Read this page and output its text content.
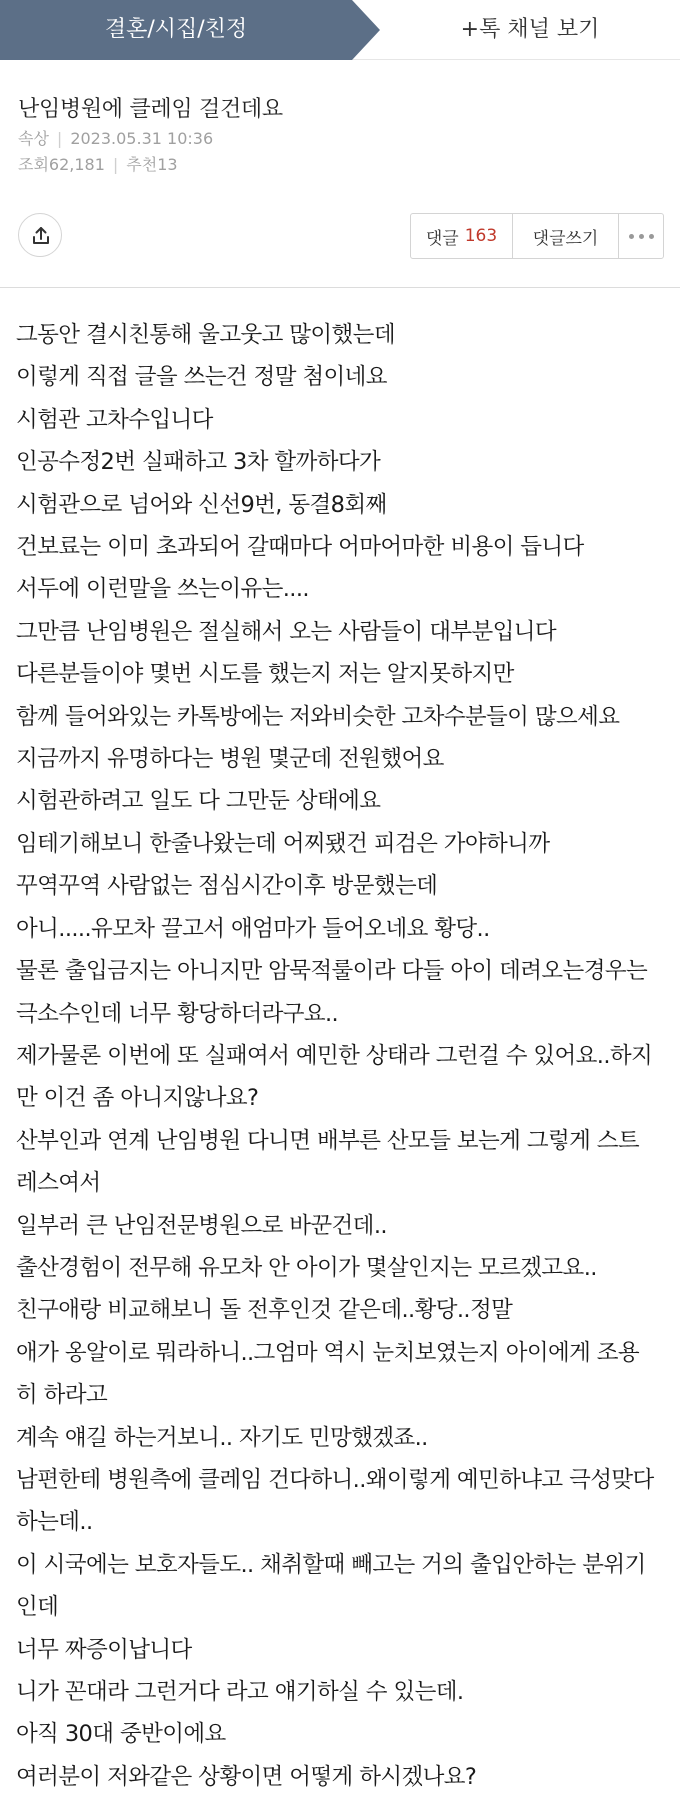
결혼/시집/친정	+톡 채널 보기
난임병원에 클레임 걸건데요
속상 | 2023.05.31 10:36
조회62,181 | 추천13
댓글 163	댓글쓰기
그동안 결시친통해 울고웃고 많이했는데
이렇게 직접 글을 쓰는건 정말 첨이네요
시험관 고차수입니다
인공수정2번 실패하고 3차 할까하다가
시험관으로 넘어와 신선9번, 동결8회째
건보료는 이미 초과되어 갈때마다 어마어마한 비용이 듭니다
서두에 이런말을 쓰는이유는....
그만큼 난임병원은 절실해서 오는 사람들이 대부분입니다
다른분들이야 몇번 시도를 했는지 저는 알지못하지만
함께 들어와있는 카톡방에는 저와비슷한 고차수분들이 많으세요
지금까지 유명하다는 병원 몇군데 전원했어요
시험관하려고 일도 다 그만둔 상태에요
임테기해보니 한줄나왔는데 어찌됐건 피검은 가야하니까
꾸역꾸역 사람없는 점심시간이후 방문했는데
아니.....유모차 끌고서 애엄마가 들어오네요 황당..
물론 출입금지는 아니지만 암묵적룰이라 다들 아이 데려오는경우는
극소수인데 너무 황당하더라구요..
제가물론 이번에 또 실패여서 예민한 상태라 그런걸 수 있어요..하지
만 이건 좀 아니지않나요?
산부인과 연계 난임병원 다니면 배부른 산모들 보는게 그렇게 스트
레스여서
일부러 큰 난임전문병원으로 바꾼건데..
출산경험이 전무해 유모차 안 아이가 몇살인지는 모르겠고요..
친구애랑 비교해보니 돌 전후인것 같은데..황당..정말
애가 옹알이로 뭐라하니..그엄마 역시 눈치보였는지 아이에게 조용
히 하라고
계속 얘길 하는거보니.. 자기도 민망했겠죠..
남편한테 병원측에 클레임 건다하니..왜이렇게 예민하냐고 극성맞다
하는데..
이 시국에는 보호자들도.. 채취할때 빼고는 거의 출입안하는 분위기
인데
너무 짜증이납니다
니가 꼰대라 그런거다 라고 얘기하실 수 있는데.
아직 30대 중반이에요
여러분이 저와같은 상황이면 어떻게 하시겠나요?
